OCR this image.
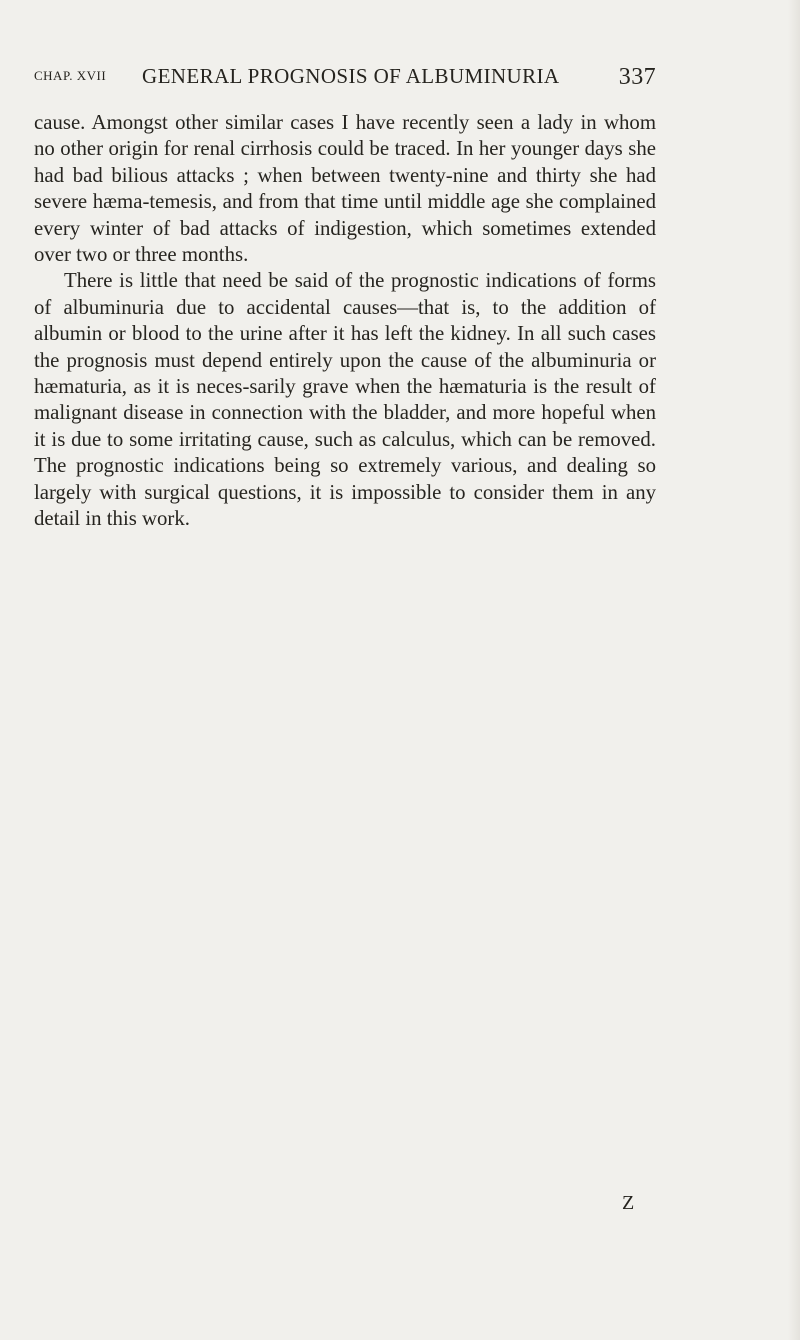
CHAP. XVII GENERAL PROGNOSIS OF ALBUMINURIA 337

cause. Amongst other similar cases I have recently seen a lady in whom no other origin for renal cirrhosis could be traced. In her younger days she had bad bilious attacks ; when between twenty-nine and thirty she had severe hæma-temesis, and from that time until middle age she complained every winter of bad attacks of indigestion, which sometimes extended over two or three months.

There is little that need be said of the prognostic indications of forms of albuminuria due to accidental causes—that is, to the addition of albumin or blood to the urine after it has left the kidney. In all such cases the prognosis must depend entirely upon the cause of the albuminuria or hæmaturia, as it is neces-sarily grave when the hæmaturia is the result of malignant disease in connection with the bladder, and more hopeful when it is due to some irritating cause, such as calculus, which can be removed. The prognostic indications being so extremely various, and dealing so largely with surgical questions, it is impossible to consider them in any detail in this work.

Z
